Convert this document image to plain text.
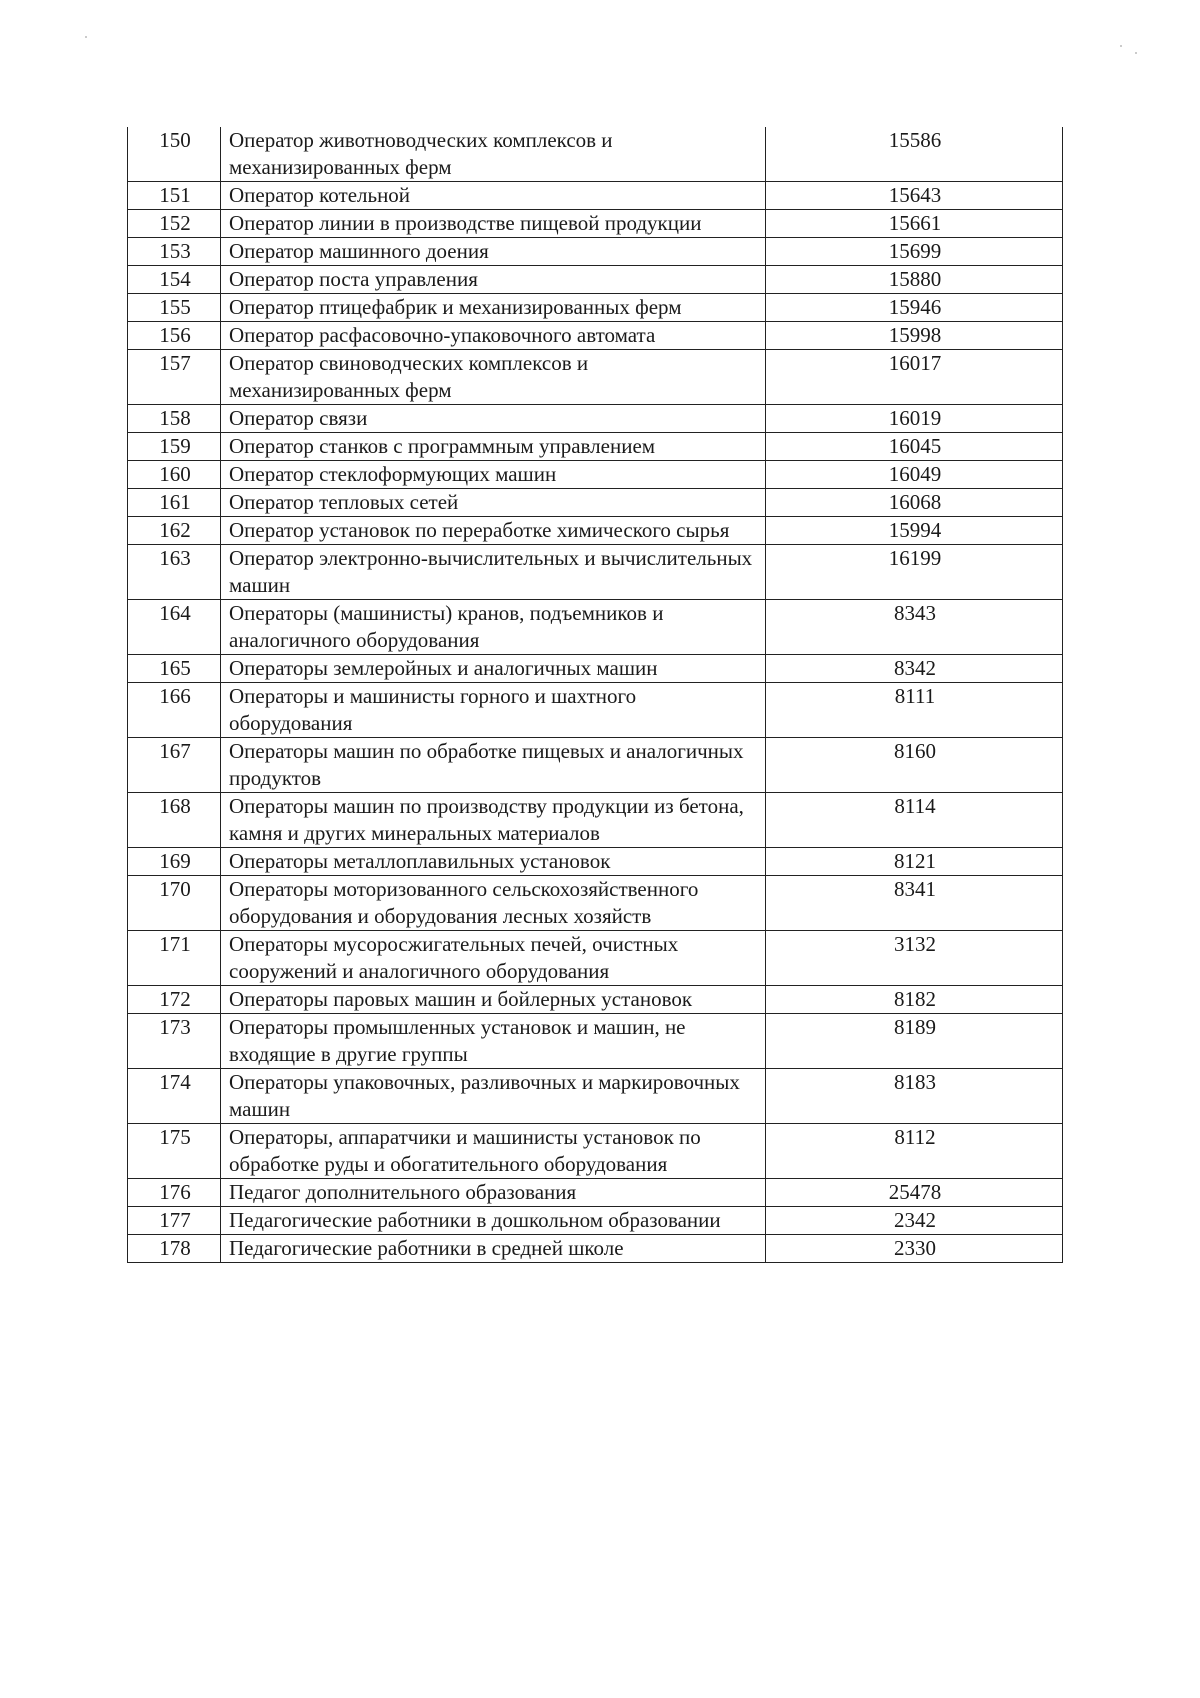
150	Оператор животноводческих комплексов и механизированных ферм	15586
151	Оператор котельной	15643
152	Оператор линии в производстве пищевой продукции	15661
153	Оператор машинного доения	15699
154	Оператор поста управления	15880
155	Оператор птицефабрик и механизированных ферм	15946
156	Оператор расфасовочно-упаковочного автомата	15998
157	Оператор свиноводческих комплексов и механизированных ферм	16017
158	Оператор связи	16019
159	Оператор станков с программным управлением	16045
160	Оператор стеклоформующих машин	16049
161	Оператор тепловых сетей	16068
162	Оператор установок по переработке химического сырья	15994
163	Оператор электронно-вычислительных и вычислительных машин	16199
164	Операторы (машинисты) кранов, подъемников и аналогичного оборудования	8343
165	Операторы землеройных и аналогичных машин	8342
166	Операторы и машинисты горного и шахтного оборудования	8111
167	Операторы машин по обработке пищевых и аналогичных продуктов	8160
168	Операторы машин по производству продукции из бетона, камня и других минеральных материалов	8114
169	Операторы металлоплавильных установок	8121
170	Операторы моторизованного сельскохозяйственного оборудования и оборудования лесных хозяйств	8341
171	Операторы мусоросжигательных печей, очистных сооружений и аналогичного оборудования	3132
172	Операторы паровых машин и бойлерных установок	8182
173	Операторы промышленных установок и машин, не входящие в другие группы	8189
174	Операторы упаковочных, разливочных и маркировочных машин	8183
175	Операторы, аппаратчики и машинисты установок по обработке руды и обогатительного оборудования	8112
176	Педагог дополнительного образования	25478
177	Педагогические работники в дошкольном образовании	2342
178	Педагогические работники в средней школе	2330
